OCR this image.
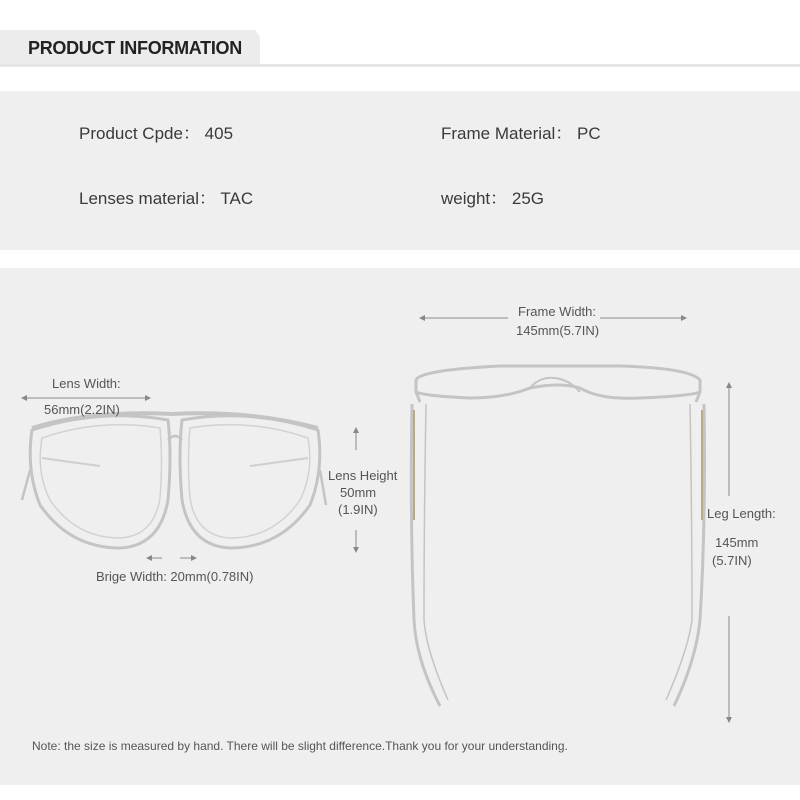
PRODUCT INFORMATION
Product Cpde： 405	Frame Material： PC
Lenses material： TAC	weight： 25G
Lens Width:
56mm(2.2IN)
Lens Height
50mm
(1.9IN)
Brige Width: 20mm(0.78IN)
Frame Width:
145mm(5.7IN)
Leg Length:
145mm
(5.7IN)
Note: the size is measured by hand. There will be slight difference.Thank you for your understanding.
